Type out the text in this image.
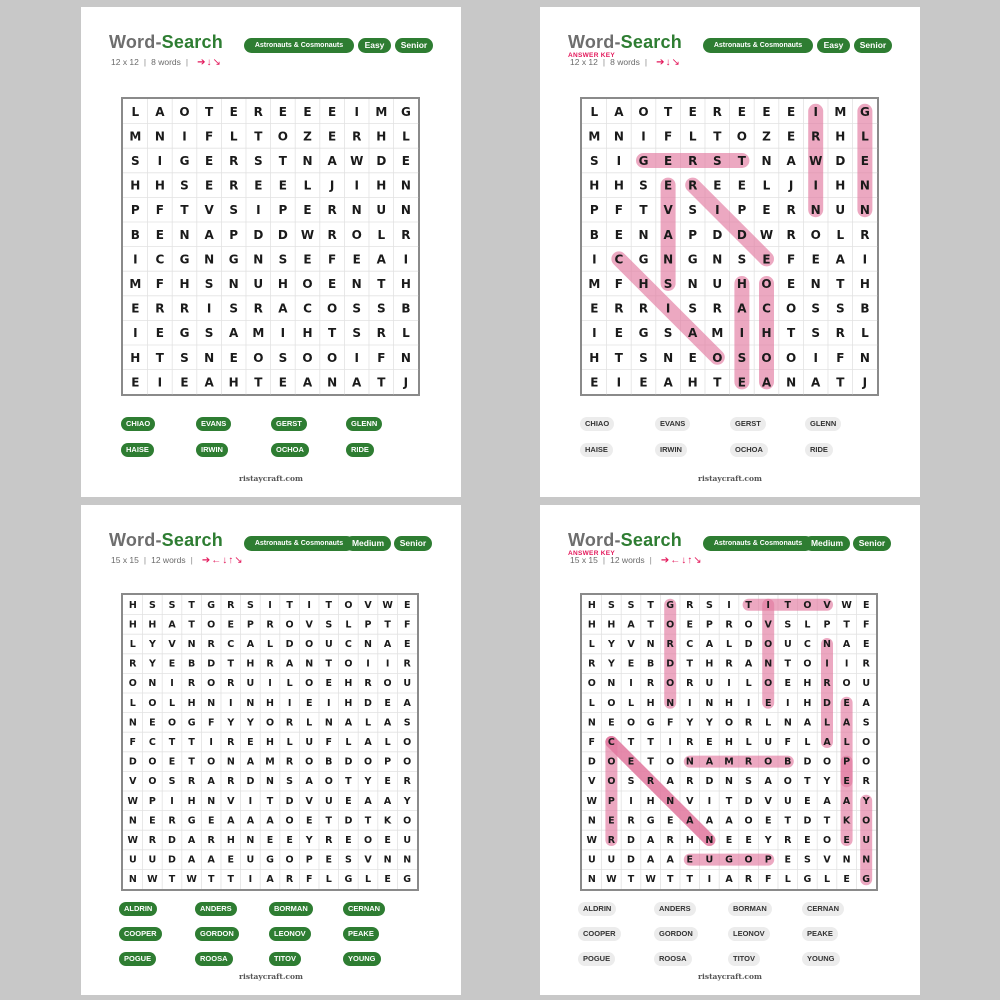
Word-Search	Astronauts & Cosmonauts	Easy	Senior
12 x 12 | 8 words | ➔↓↘
L A O T E R E E E I M G
M N I F L T O Z E R H L
S I G E R S T N A W D E
H H S E R E E L J I H N
P F T V S I P E R N U N
B E N A P D D W R O L R
I C G N G N S E F E A I
M F H S N U H O E N T H
E R R I S R A C O S S B
I E G S A M I H T S R L
H T S N E O S O O I F N
E I E A H T E A N A T J
CHIAO	EVANS	GERST	GLENN
HAISE	IRWIN	OCHOA	RIDE
ristaycraft.com
Word-Search	Astronauts & Cosmonauts	Easy	Senior
ANSWER KEY
12 x 12 | 8 words | ➔↓↘
L A O T E R E E E I M G
M N I F L T O Z E R H L
S I G E R S T N A W D E
H H S E R E E L J I H N
P F T V S I P E R N U N
B E N A P D D W R O L R
I C G N G N S E F E A I
M F H S N U H O E N T H
E R R I S R A C O S S B
I E G S A M I H T S R L
H T S N E O S O O I F N
E I E A H T E A N A T J
CHIAO	EVANS	GERST	GLENN
HAISE	IRWIN	OCHOA	RIDE
ristaycraft.com
Word-Search	Astronauts & Cosmonauts	Medium	Senior
15 x 15 | 12 words | ➔←↓↑↘
H S S T G R S I T I T O V W E
H H A T O E P R O V S L P T F
L Y V N R C A L D O U C N A E
R Y E B D T H R A N T O I I R
O N I R O R U I L O E H R O U
L O L H N I N H I E I H D E A
N E O G F Y Y O R L N A L A S
F C T T I R E H L U F L A L O
D O E T O N A M R O B D O P O
V O S R A R D N S A O T Y E R
W P I H N V I T D V U E A A Y
N E R G E A A A O E T D T K O
W R D A R H N E E Y R E O E U
U U D A A E U G O P E S V N N
N W T W T T I A R F L G L E G
ALDRIN	ANDERS	BORMAN	CERNAN
COOPER	GORDON	LEONOV	PEAKE
POGUE	ROOSA	TITOV	YOUNG
ristaycraft.com
Word-Search	Astronauts & Cosmonauts	Medium	Senior
ANSWER KEY
15 x 15 | 12 words | ➔←↓↑↘
H S S T G R S I T I T O V W E
H H A T O E P R O V S L P T F
L Y V N R C A L D O U C N A E
R Y E B D T H R A N T O I I R
O N I R O R U I L O E H R O U
L O L H N I N H I E I H D E A
N E O G F Y Y O R L N A L A S
F C T T I R E H L U F L A L O
D O E T O N A M R O B D O P O
V O S R A R D N S A O T Y E R
W P I H N V I T D V U E A A Y
N E R G E A A A O E T D T K O
W R D A R H N E E Y R E O E U
U U D A A E U G O P E S V N N
N W T W T T I A R F L G L E G
ALDRIN	ANDERS	BORMAN	CERNAN
COOPER	GORDON	LEONOV	PEAKE
POGUE	ROOSA	TITOV	YOUNG
ristaycraft.com
